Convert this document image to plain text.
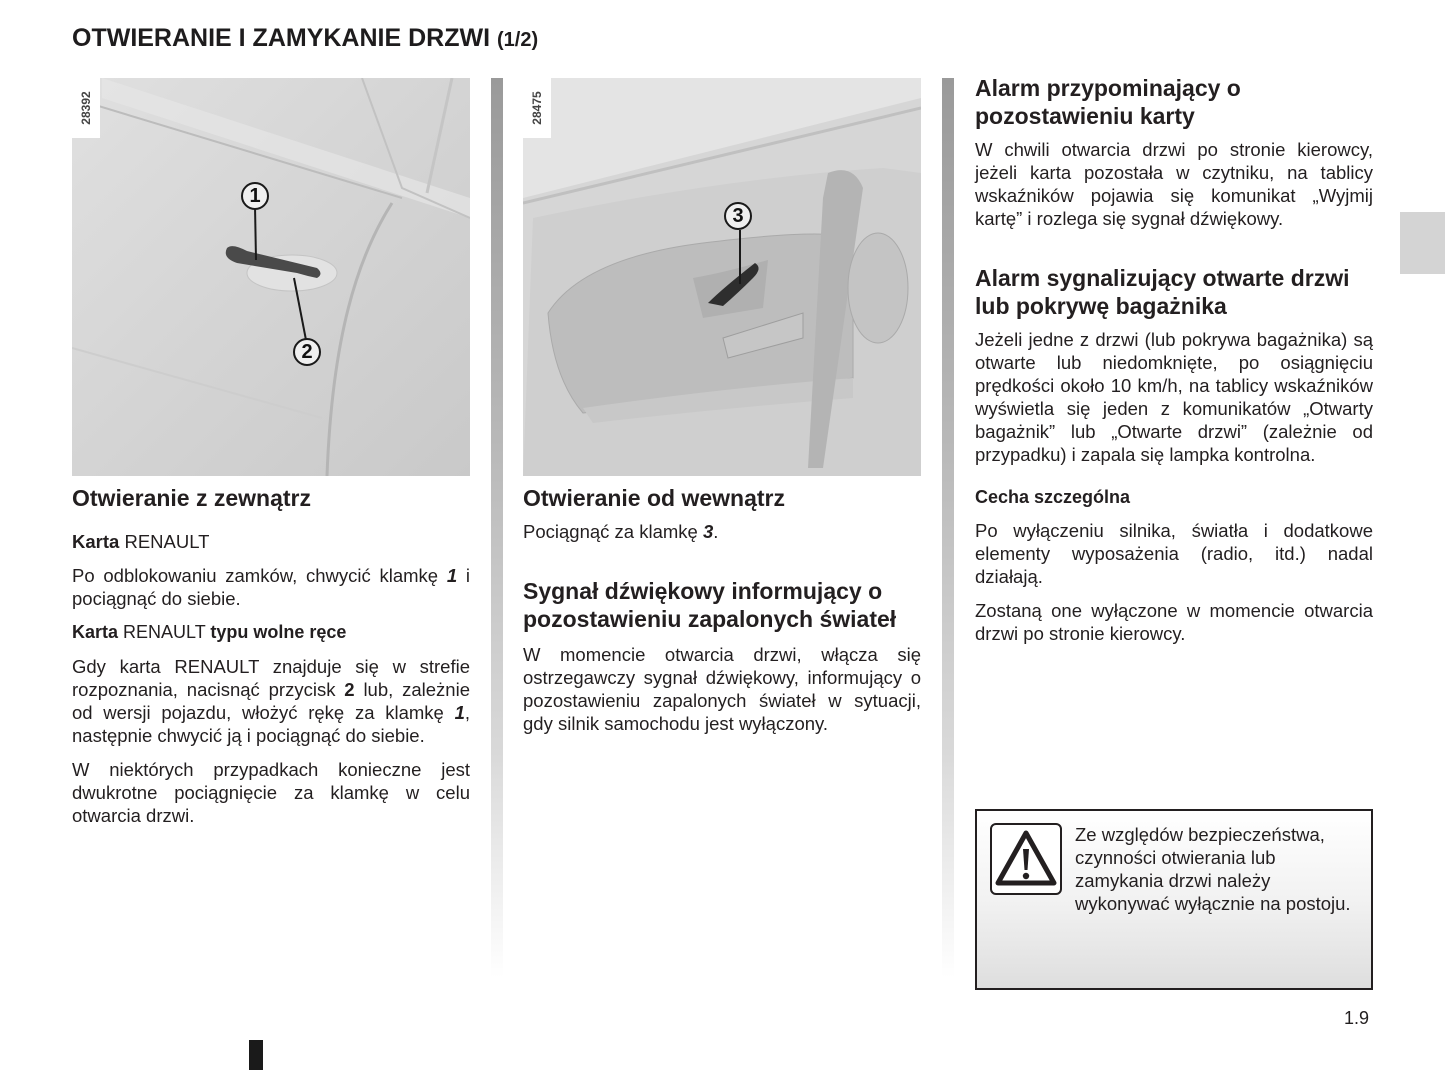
OTWIERANIE I ZAMYKANIE DRZWI (1/2)
28392
1
2
Otwieranie z zewnątrz

Karta RENAULT

Po odblokowaniu zamków, chwycić klamkę 1 i pociągnąć do siebie.

Karta RENAULT typu wolne ręce

Gdy karta RENAULT znajduje się w strefie rozpoznania, nacisnąć przycisk 2 lub, zależnie od wersji pojazdu, włożyć rękę za klamkę 1, następnie chwycić ją i pociągnąć do siebie.

W niektórych przypadkach konieczne jest dwukrotne pociągnięcie za klamkę w celu otwarcia drzwi.

28475
3
Otwieranie od wewnątrz

Pociągnąć za klamkę 3.

Sygnał dźwiękowy informujący o pozostawieniu zapalonych świateł

W momencie otwarcia drzwi, włącza się ostrzegawczy sygnał dźwiękowy, informujący o pozostawieniu zapalonych świateł w sytuacji, gdy silnik samochodu jest wyłączony.

Alarm przypominający o pozostawieniu karty

W chwili otwarcia drzwi po stronie kierowcy, jeżeli karta pozostała w czytniku, na tablicy wskaźników pojawia się komunikat „Wyjmij kartę” i rozlega się sygnał dźwiękowy.

Alarm sygnalizujący otwarte drzwi lub pokrywę bagażnika

Jeżeli jedne z drzwi (lub pokrywa bagażnika) są otwarte lub niedomknięte, po osiągnięciu prędkości około 10 km/h, na tablicy wskaźników wyświetla się jeden z komunikatów „Otwarty bagażnik” lub „Otwarte drzwi” (zależnie od przypadku) i zapala się lampka kontrolna.

Cecha szczególna

Po wyłączeniu silnika, światła i dodatkowe elementy wyposażenia (radio, itd.) nadal działają.

Zostaną one wyłączone w momencie otwarcia drzwi po stronie kierowcy.

Ze względów bezpieczeństwa, czynności otwierania lub zamykania drzwi należy wykonywać wyłącznie na postoju.
1.9
